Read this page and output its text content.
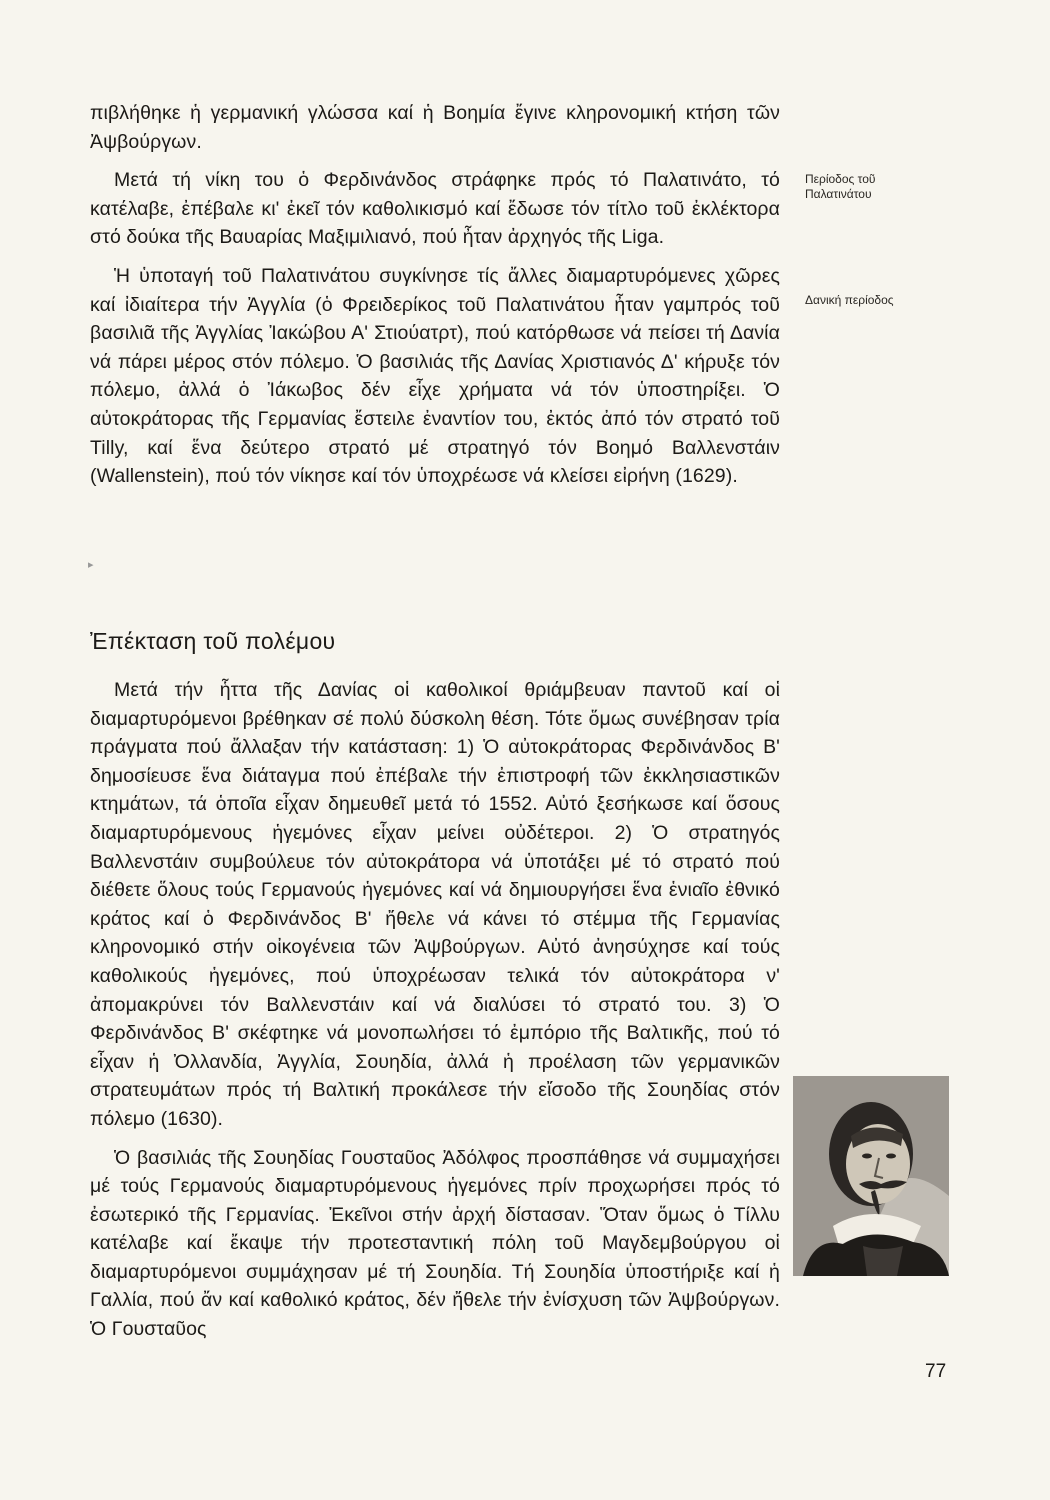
πιβλήθηκε ἡ γερμανική γλώσσα καί ἡ Βοημία ἔγινε κληρονομική κτήση τῶν Ἀψβούργων.

Μετά τή νίκη του ὁ Φερδινάνδος στράφηκε πρός τό Παλατινάτο, τό κατέλαβε, ἐπέβαλε κι' ἐκεῖ τόν καθολικισμό καί ἔδωσε τόν τίτλο τοῦ ἐκλέκτορα στό δούκα τῆς Βαυαρίας Μαξιμιλιανό, πού ἦταν ἀρχηγός τῆς Liga.

Ἡ ὑποταγή τοῦ Παλατινάτου συγκίνησε τίς ἄλλες διαμαρτυρόμενες χῶρες καί ἰδιαίτερα τήν Ἀγγλία (ὁ Φρειδερίκος τοῦ Παλατινάτου ἦταν γαμπρός τοῦ βασιλιᾶ τῆς Ἀγγλίας Ἰακώβου Α' Στιούατρτ), πού κατόρθωσε νά πείσει τή Δανία νά πάρει μέρος στόν πόλεμο. Ὁ βασιλιάς τῆς Δανίας Χριστιανός Δ' κήρυξε τόν πόλεμο, ἀλλά ὁ Ἰάκωβος δέν εἶχε χρήματα νά τόν ὑποστηρίξει. Ὁ αὐτοκράτορας τῆς Γερμανίας ἔστειλε ἐναντίον του, ἐκτός ἀπό τόν στρατό τοῦ Tilly, καί ἕνα δεύτερο στρατό μέ στρατηγό τόν Βοημό Βαλλενστάιν (Wallenstein), πού τόν νίκησε καί τόν ὑποχρέωσε νά κλείσει εἰρήνη (1629).

Περίοδος τοῦ Παλατινάτου
Δανική περίοδος
▸
Ἐπέκταση τοῦ πολέμου

Μετά τήν ἧττα τῆς Δανίας οἱ καθολικοί θριάμβευαν παντοῦ καί οἱ διαμαρτυρόμενοι βρέθηκαν σέ πολύ δύσκολη θέση. Τότε ὅμως συνέβησαν τρία πράγματα πού ἄλλαξαν τήν κατάσταση: 1) Ὁ αὐτοκράτορας Φερδινάνδος Β' δημοσίευσε ἕνα διάταγμα πού ἐπέβαλε τήν ἐπιστροφή τῶν ἐκκλησιαστικῶν κτημάτων, τά ὁποῖα εἶχαν δημευθεῖ μετά τό 1552. Αὐτό ξεσήκωσε καί ὅσους διαμαρτυρόμενους ἡγεμόνες εἶχαν μείνει οὐδέτεροι. 2) Ὁ στρατηγός Βαλλενστάιν συμβούλευε τόν αὐτοκράτορα νά ὑποτάξει μέ τό στρατό πού διέθετε ὅλους τούς Γερμανούς ἡγεμόνες καί νά δημιουργήσει ἕνα ἑνιαῖο ἐθνικό κράτος καί ὁ Φερδινάνδος Β' ἤθελε νά κάνει τό στέμμα τῆς Γερμανίας κληρονομικό στήν οἰκογένεια τῶν Ἀψβούργων. Αὐτό ἀνησύχησε καί τούς καθολικούς ἡγεμόνες, πού ὑποχρέωσαν τελικά τόν αὐτοκράτορα ν' ἀπομακρύνει τόν Βαλλενστάιν καί νά διαλύσει τό στρατό του. 3) Ὁ Φερδινάνδος Β' σκέφτηκε νά μονοπωλήσει τό ἐμπόριο τῆς Βαλτικῆς, πού τό εἶχαν ἡ Ὀλλανδία, Ἀγγλία, Σουηδία, ἀλλά ἡ προέλαση τῶν γερμανικῶν στρατευμάτων πρός τή Βαλτική προκάλεσε τήν εἴσοδο τῆς Σουηδίας στόν πόλεμο (1630).

Ὁ βασιλιάς τῆς Σουηδίας Γουσταῦος Ἀδόλφος προσπάθησε νά συμμαχήσει μέ τούς Γερμανούς διαμαρτυρόμενους ἡγεμόνες πρίν προχωρήσει πρός τό ἐσωτερικό τῆς Γερμανίας. Ἐκεῖνοι στήν ἀρχή δίστασαν. Ὅταν ὅμως ὁ Τίλλυ κατέλαβε καί ἔκαψε τήν προτεσταντική πόλη τοῦ Μαγδεμβούργου οἱ διαμαρτυρόμενοι συμμάχησαν μέ τή Σουηδία. Τή Σουηδία ὑποστήριξε καί ἡ Γαλλία, πού ἄν καί καθολικό κράτος, δέν ἤθελε τήν ἐνίσχυση τῶν Ἀψβούργων. Ὁ Γουσταῦος

77
